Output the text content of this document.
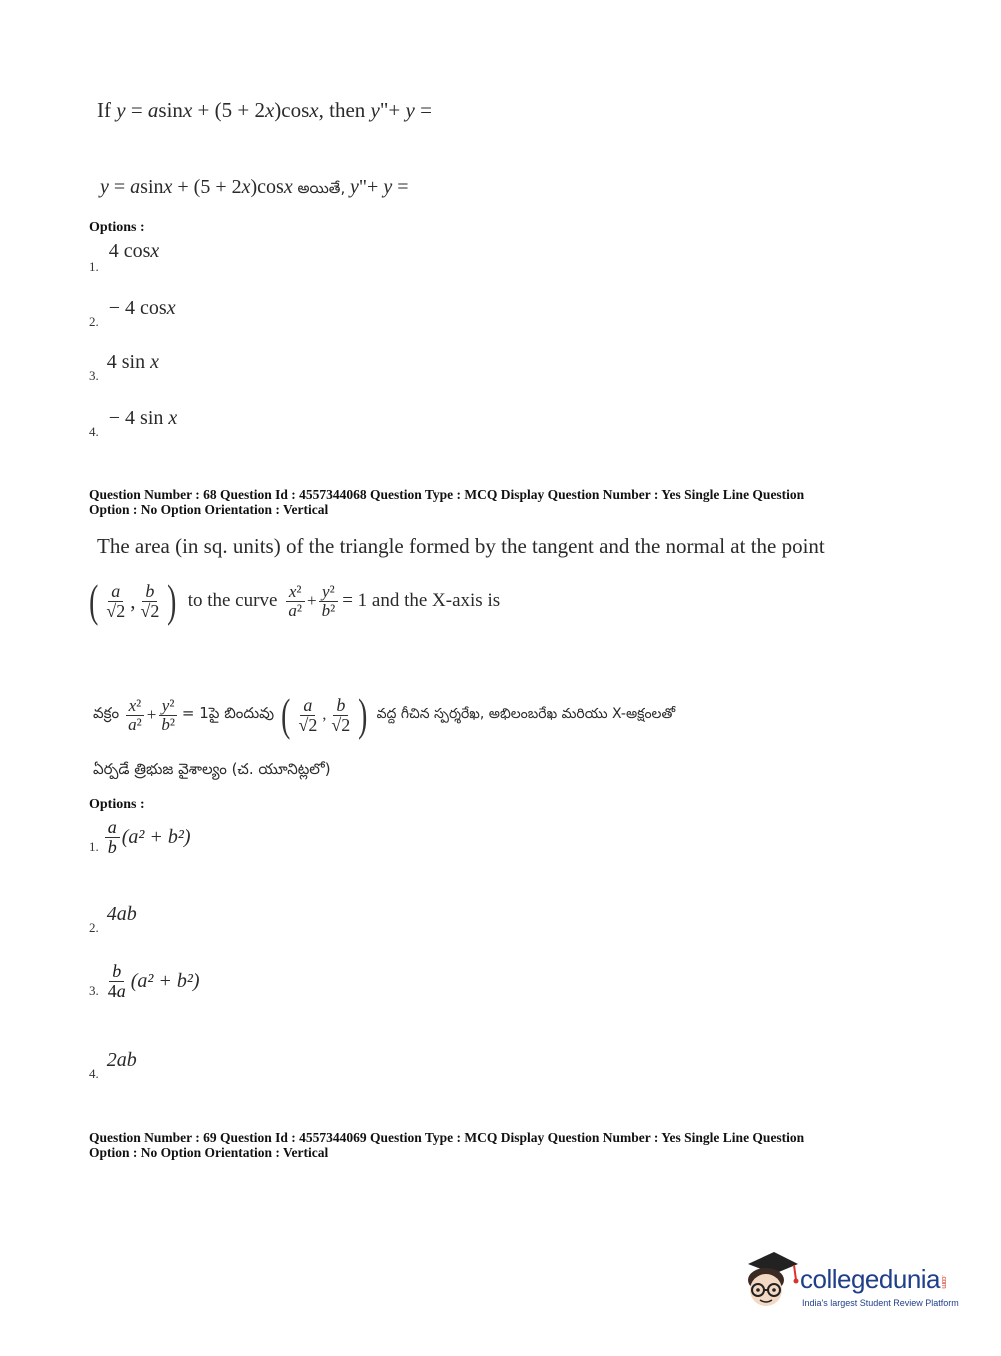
If y = asinx + (5 + 2x)cosx, then y"+ y =
y = asinx + (5 + 2x)cosx అయితే, y"+ y =
Options :
$_{1.}$ 4 cosx
$_{2.}$ − 4 cosx
$_{3.}$ 4 sin x
$_{4.}$ − 4 sin x
Question Number : 68 Question Id : 4557344068 Question Type : MCQ Display Question Number : Yes Single Line Question
Option : No Option Orientation : Vertical
The area (in sq. units) of the triangle formed by the tangent and the normal at the point
( $\frac{a}{√2}$ , $\frac{b}{√2}$ ) to the curve $\frac{\text{x²}}{\text{a²}} + \frac{\text{y²}}{\text{b²}} = 1$ and the X-axis is
వక్రం $\frac{\text{x²}}{\text{a²}} + \frac{\text{y²}}{\text{b²}}$ = 1పై బిందువు ( $\frac{a}{√2}$ , $\frac{b}{√2}$ ) వద్ద గీచిన స్పర్శరేఖ, అభిలంబరేఖ మరియు X-అక్షంలతో
ఏర్పడే త్రిభుజ వైశాల్యం (చ. యూనిట్లలో)
Options :
1. $\frac{a}{b} (a^2 + b^2)$
$_{2.}$ 4ab
3. $\frac{b}{4a} (a^2 + b^2)$
$_{4.}$ 2ab
Question Number : 69 Question Id : 4557344069 Question Type : MCQ Display Question Number : Yes Single Line Question
Option : No Option Orientation : Vertical
collegedunia.com
India's largest Student Review Platform
